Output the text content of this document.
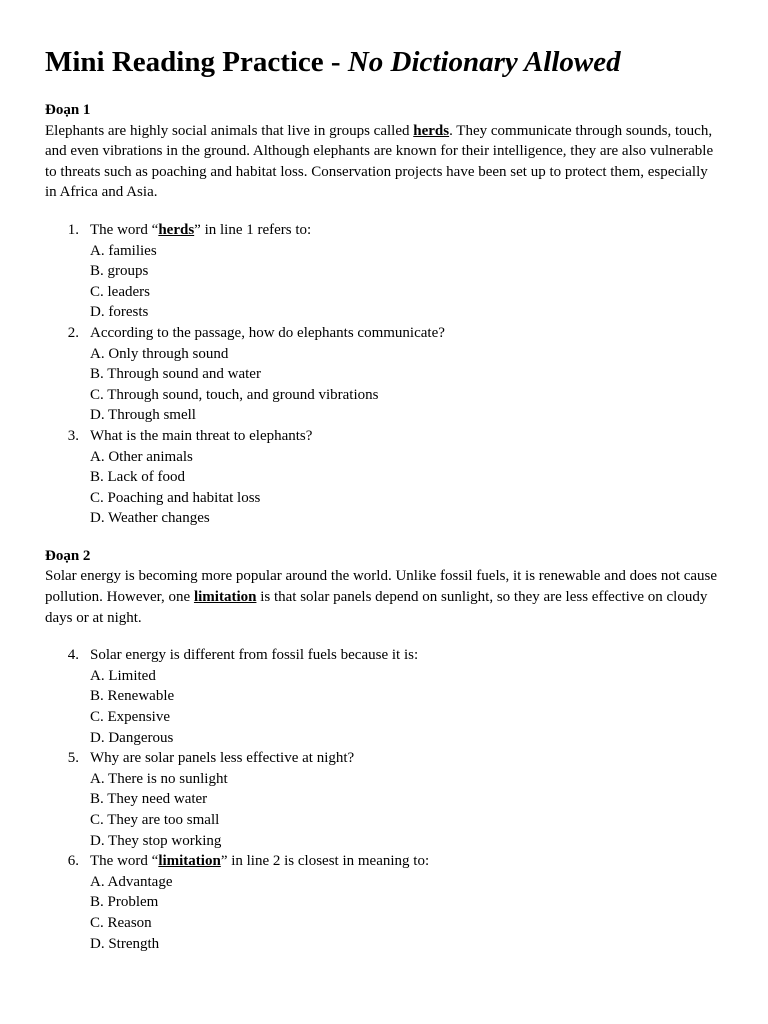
Mini Reading Practice - No Dictionary Allowed
Đoạn 1

Elephants are highly social animals that live in groups called herds. They communicate through sounds, touch, and even vibrations in the ground. Although elephants are known for their intelligence, they are also vulnerable to threats such as poaching and habitat loss. Conservation projects have been set up to protect them, especially in Africa and Asia.

1. The word “herds” in line 1 refers to:
A. families
B. groups
C. leaders
D. forests
2. According to the passage, how do elephants communicate?
A. Only through sound
B. Through sound and water
C. Through sound, touch, and ground vibrations
D. Through smell
3. What is the main threat to elephants?
A. Other animals
B. Lack of food
C. Poaching and habitat loss
D. Weather changes
Đoạn 2

Solar energy is becoming more popular around the world. Unlike fossil fuels, it is renewable and does not cause pollution. However, one limitation is that solar panels depend on sunlight, so they are less effective on cloudy days or at night.

4. Solar energy is different from fossil fuels because it is:
A. Limited
B. Renewable
C. Expensive
D. Dangerous
5. Why are solar panels less effective at night?
A. There is no sunlight
B. They need water
C. They are too small
D. They stop working
6. The word “limitation” in line 2 is closest in meaning to:
A. Advantage
B. Problem
C. Reason
D. Strength
